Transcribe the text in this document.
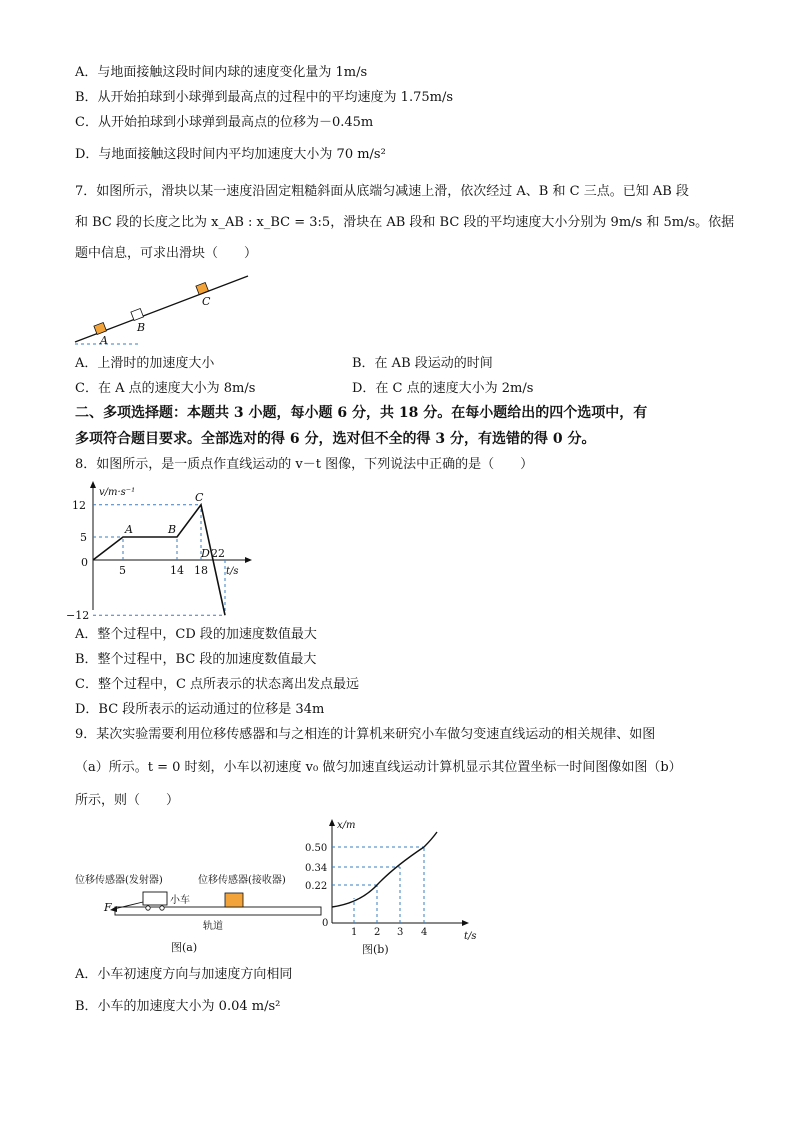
A．与地面接触这段时间内球的速度变化量为 1m/s
B．从开始拍球到小球弹到最高点的过程中的平均速度为 1.75m/s
C．从开始拍球到小球弹到最高点的位移为－0.45m
D．与地面接触这段时间内平均加速度大小为 70 m/s²
7．如图所示，滑块以某一速度沿固定粗糙斜面从底端匀减速上滑，依次经过 A、B 和 C 三点。已知 AB 段
和 BC 段的长度之比为 x_AB : x_BC = 3:5，滑块在 AB 段和 BC 段的平均速度大小分别为 9m/s 和 5m/s。依据
题中信息，可求出滑块（　　）
A
B
C
A．上滑时的加速度大小	B．在 AB 段运动的时间
C．在 A 点的速度大小为 8m/s	D．在 C 点的速度大小为 2m/s
二、多项选择题：本题共 3 小题，每小题 6 分，共 18 分。在每小题给出的四个选项中，有
多项符合题目要求。全部选对的得 6 分，选对但不全的得 3 分，有选错的得 0 分。
8．如图所示，是一质点作直线运动的 v－t 图像，下列说法中正确的是（　　）
v/m·s⁻¹
t/s
12
5
0
−12
5	14 18
A	B
C
D 22
A．整个过程中，CD 段的加速度数值最大
B．整个过程中，BC 段的加速度数值最大
C．整个过程中，C 点所表示的状态离出发点最远
D．BC 段所表示的运动通过的位移是 34m
9．某次实验需要利用位移传感器和与之相连的计算机来研究小车做匀变速直线运动的相关规律、如图
（a）所示。t = 0 时刻，小车以初速度 v₀ 做匀加速直线运动计算机显示其位置坐标一时间图像如图（b）
所示，则（　　）
位移传感器(发射器)	位移传感器(接收器)
F
小车
轨道
图(a)
x/m
t/s
0.50
0.34
0.22
0
1 2 3 4
图(b)
A．小车初速度方向与加速度方向相同
B．小车的加速度大小为 0.04 m/s²
